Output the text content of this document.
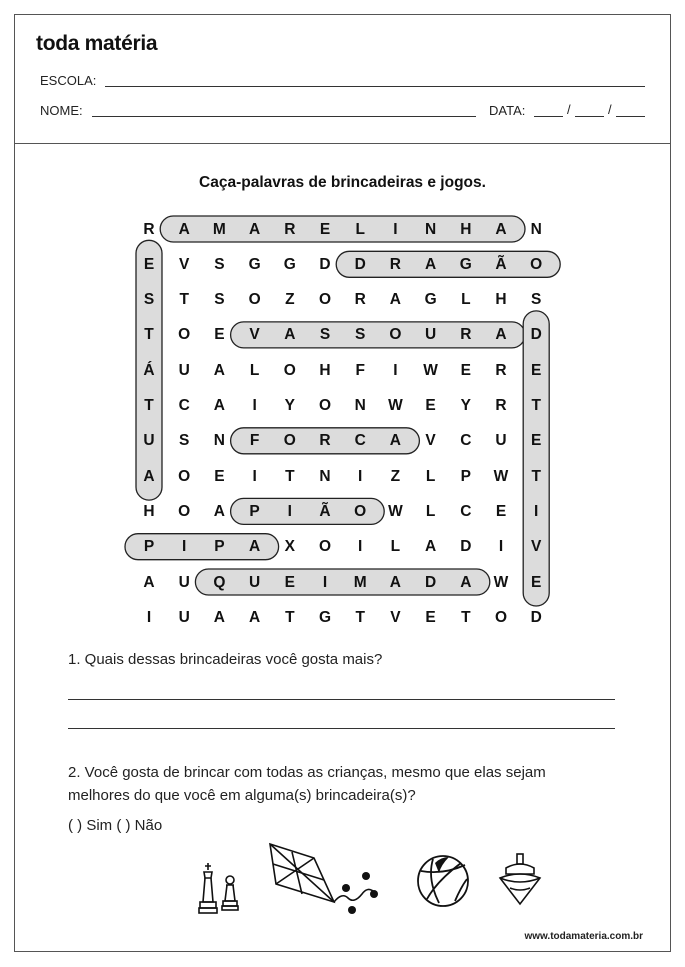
toda matéria
ESCOLA:
NOME:	DATA:	/	/
Caça-palavras de brincadeiras e jogos.
R	A	M	A	R	E	L	I	N	H	A	N
E	V	S	G	G	D	D	R	A	G	Ã	O
S	T	S	O	Z	O	R	A	G	L	H	S
T	O	E	V	A	S	S	O	U	R	A	D
Á	U	A	L	O	H	F	I	W	E	R	E
T	C	A	I	Y	O	N	W	E	Y	R	T
U	S	N	F	O	R	C	A	V	C	U	E
A	O	E	I	T	N	I	Z	L	P	W	T
H	O	A	P	I	Ã	O	W	L	C	E	I
P	I	P	A	X	O	I	L	A	D	I	V
A	U	Q	U	E	I	M	A	D	A	W	E
I	U	A	A	T	G	T	V	E	T	O	D
1. Quais dessas brincadeiras você gosta mais?
2. Você gosta de brincar com todas as crianças, mesmo que elas sejam
melhores do que você em alguma(s) brincadeira(s)?
( ) Sim ( ) Não
www.todamateria.com.br
